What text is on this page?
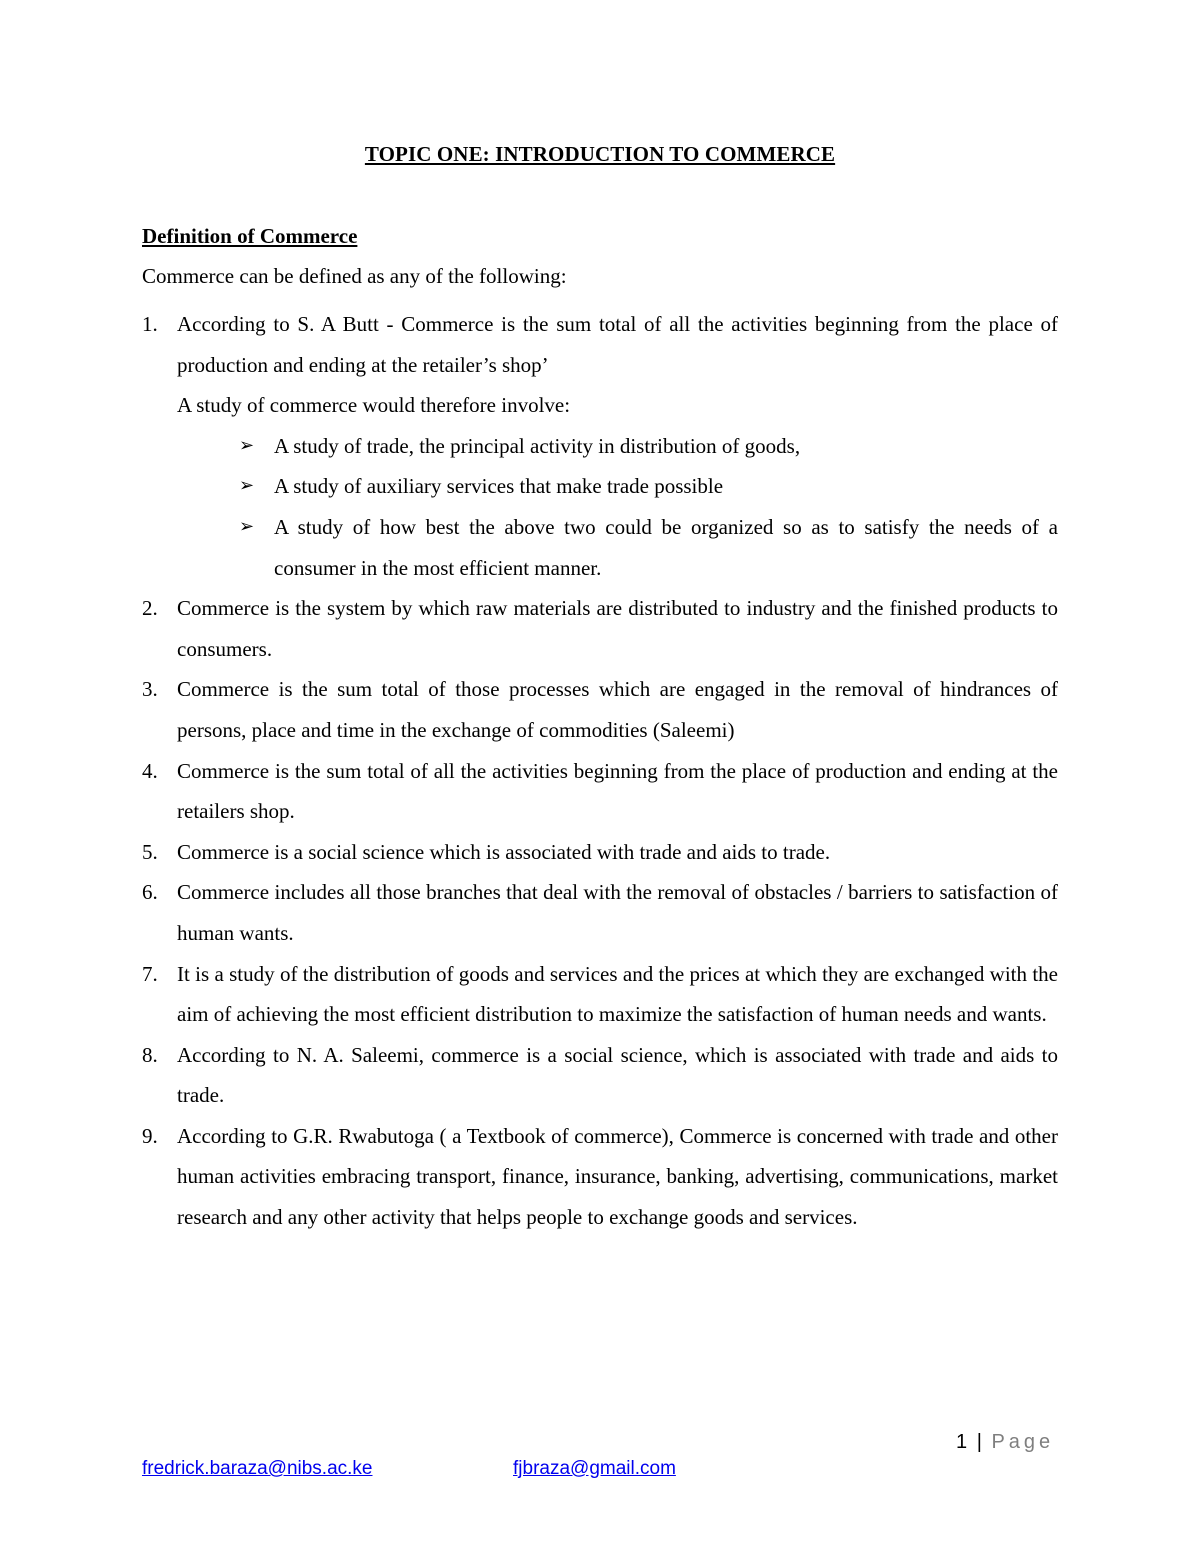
TOPIC ONE: INTRODUCTION TO COMMERCE
Definition of Commerce
Commerce can be defined as any of the following:
1. According to S. A Butt - Commerce is the sum total of all the activities beginning from the place of production and ending at the retailer’s shop’
A study of commerce would therefore involve:
➢ A study of trade, the principal activity in distribution of goods,
➢ A study of auxiliary services that make trade possible
➢ A study of how best the above two could be organized so as to satisfy the needs of a consumer in the most efficient manner.
2. Commerce is the system by which raw materials are distributed to industry and the finished products to consumers.
3. Commerce is the sum total of those processes which are engaged in the removal of hindrances of persons, place and time in the exchange of commodities (Saleemi)
4. Commerce is the sum total of all the activities beginning from the place of production and ending at the retailers shop.
5. Commerce is a social science which is associated with trade and aids to trade.
6. Commerce includes all those branches that deal with the removal of obstacles / barriers to satisfaction of human wants.
7. It is a study of the distribution of goods and services and the prices at which they are exchanged with the aim of achieving the most efficient distribution to maximize the satisfaction of human needs and wants.
8. According to N. A. Saleemi, commerce is a social science, which is associated with trade and aids to trade.
9. According to G.R. Rwabutoga ( a Textbook of commerce), Commerce is concerned with trade and other human activities embracing transport, finance, insurance, banking, advertising, communications, market research and any other activity that helps people to exchange goods and services.
1 | Page
fredrick.baraza@nibs.ac.ke	fjbraza@gmail.com
